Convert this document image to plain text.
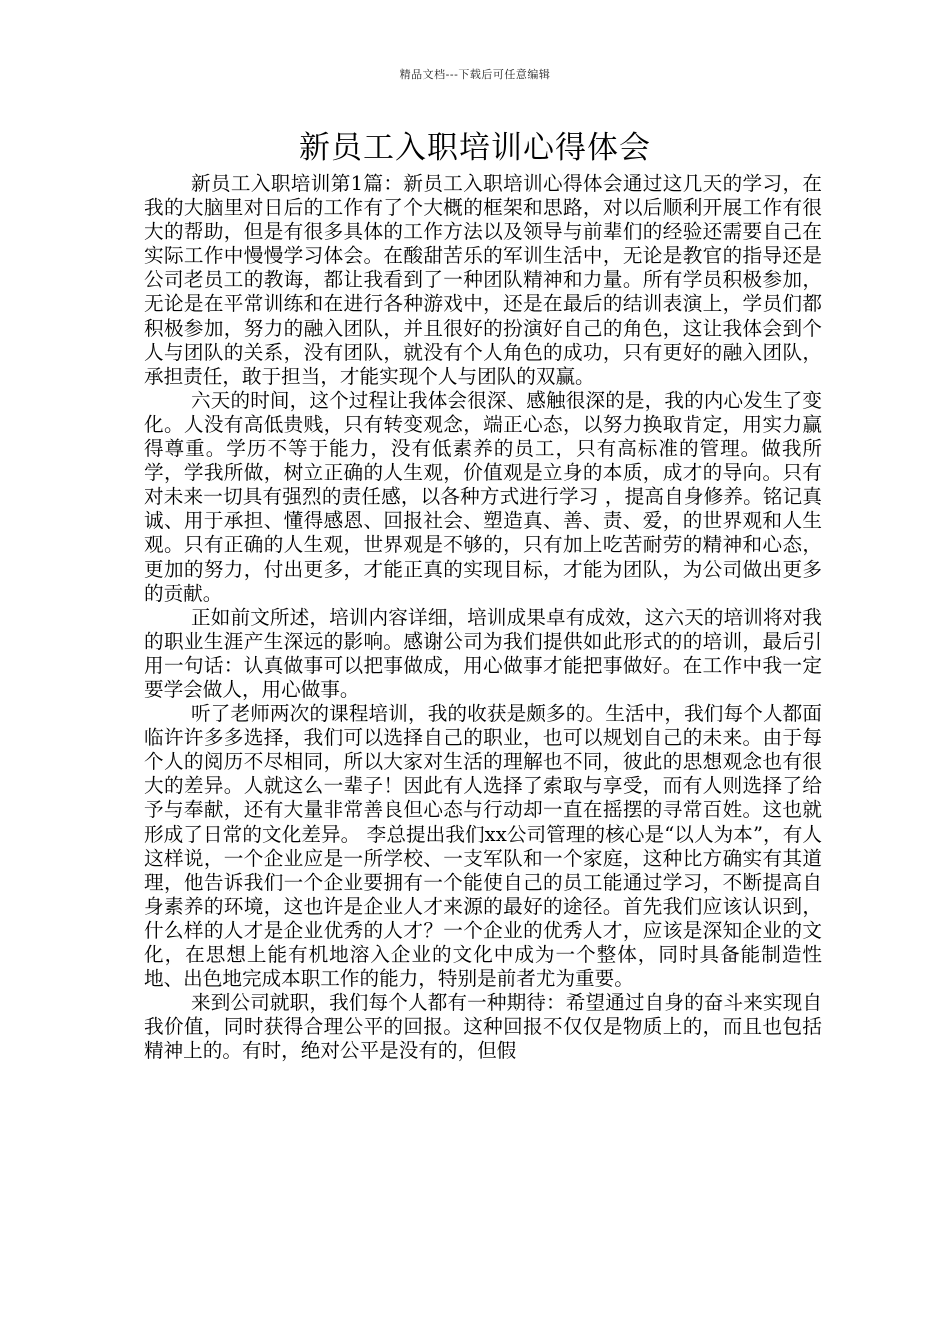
精品文档---下载后可任意编辑
新员工入职培训心得体会

新员工入职培训第1篇：新员工入职培训心得体会通过这几天的学习，在我的大脑里对日后的工作有了个大概的框架和思路，对以后顺利开展工作有很大的帮助，但是有很多具体的工作方法以及领导与前辈们的经验还需要自己在实际工作中慢慢学习体会。在酸甜苦乐的军训生活中，无论是教官的指导还是公司老员工的教诲，都让我看到了一种团队精神和力量。所有学员积极参加，无论是在平常训练和在进行各种游戏中，还是在最后的结训表演上，学员们都积极参加，努力的融入团队，并且很好的扮演好自己的角色，这让我体会到个人与团队的关系，没有团队，就没有个人角色的成功，只有更好的融入团队，承担责任，敢于担当，才能实现个人与团队的双赢。

六天的时间，这个过程让我体会很深、感触很深的是，我的内心发生了变化。人没有高低贵贱，只有转变观念，端正心态，以努力换取肯定，用实力赢得尊重。学历不等于能力，没有低素养的员工，只有高标准的管理。做我所学，学我所做，树立正确的人生观，价值观是立身的本质，成才的导向。只有对未来一切具有强烈的责任感，以各种方式进行学习 ，提高自身修养。铭记真诚、用于承担、懂得感恩、回报社会、塑造真、善、责、爱，的世界观和人生观。只有正确的人生观，世界观是不够的，只有加上吃苦耐劳的精神和心态，更加的努力，付出更多，才能正真的实现目标，才能为团队，为公司做出更多的贡献。

正如前文所述，培训内容详细，培训成果卓有成效，这六天的培训将对我的职业生涯产生深远的影响。感谢公司为我们提供如此形式的的培训，最后引用一句话：认真做事可以把事做成，用心做事才能把事做好。在工作中我一定要学会做人，用心做事。

听了老师两次的课程培训，我的收获是颇多的。生活中，我们每个人都面临许许多多选择，我们可以选择自己的职业，也可以规划自己的未来。由于每个人的阅历不尽相同，所以大家对生活的理解也不同，彼此的思想观念也有很大的差异。人就这么一辈子！因此有人选择了索取与享受，而有人则选择了给予与奉献，还有大量非常善良但心态与行动却一直在摇摆的寻常百姓。这也就形成了日常的文化差异。 李总提出我们xx公司管理的核心是“以人为本”，有人这样说，一个企业应是一所学校、一支军队和一个家庭，这种比方确实有其道理，他告诉我们一个企业要拥有一个能使自己的员工能通过学习，不断提高自身素养的环境，这也许是企业人才来源的最好的途径。首先我们应该认识到，什么样的人才是企业优秀的人才？一个企业的优秀人才，应该是深知企业的文化，在思想上能有机地溶入企业的文化中成为一个整体，同时具备能制造性地、出色地完成本职工作的能力，特别是前者尤为重要。

来到公司就职，我们每个人都有一种期待：希望通过自身的奋斗来实现自我价值，同时获得合理公平的回报。这种回报不仅仅是物质上的，而且也包括精神上的。有时，绝对公平是没有的，但假
